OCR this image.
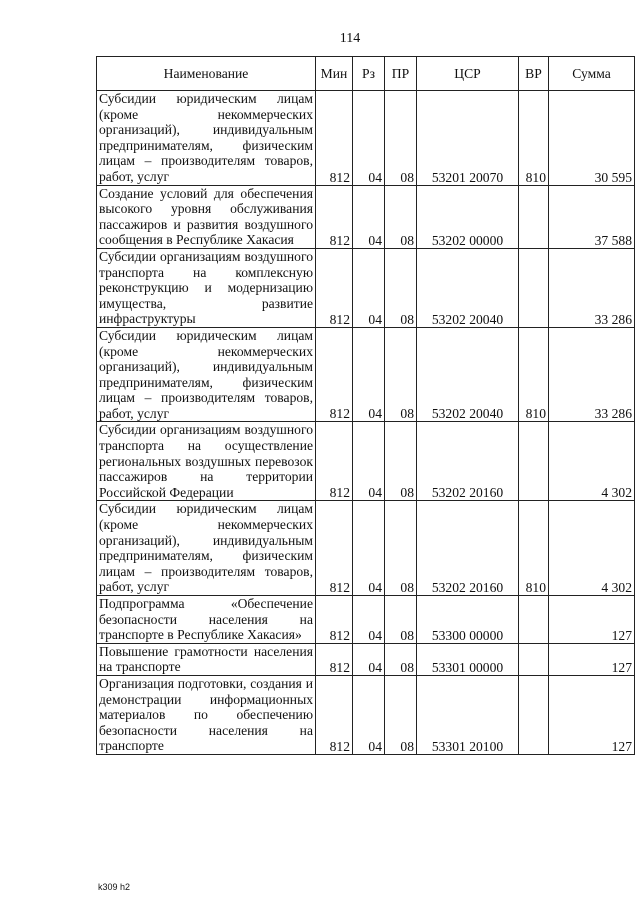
114
Наименование	Мин	Рз	ПР	ЦСР	ВР	Сумма
Субсидии юридическим лицам (кроме некоммерческих организаций), индивидуальным предпринимателям, физическим лицам – производителям товаров, работ, услуг	812	04	08	53201 20070	810	30 595
Создание условий для обеспечения высокого уровня обслуживания пассажиров и развития воздушного сообщения в Республике Хакасия	812	04	08	53202 00000		37 588
Субсидии организациям воздушного транспорта на комплексную реконструкцию и модернизацию имущества, развитие инфраструктуры	812	04	08	53202 20040		33 286
Субсидии юридическим лицам (кроме некоммерческих организаций), индивидуальным предпринимателям, физическим лицам – производителям товаров, работ, услуг	812	04	08	53202 20040	810	33 286
Субсидии организациям воздушного транспорта на осуществление региональных воздушных перевозок пассажиров на территории Российской Федерации	812	04	08	53202 20160		4 302
Субсидии юридическим лицам (кроме некоммерческих организаций), индивидуальным предпринимателям, физическим лицам – производителям товаров, работ, услуг	812	04	08	53202 20160	810	4 302
Подпрограмма «Обеспечение безопасности населения на транспорте в Республике Хакасия»	812	04	08	53300 00000		127
Повышение грамотности населения на транспорте	812	04	08	53301 00000		127
Организация подготовки, создания и демонстрации информационных материалов по обеспечению безопасности населения на транспорте	812	04	08	53301 20100		127
k309 h2
